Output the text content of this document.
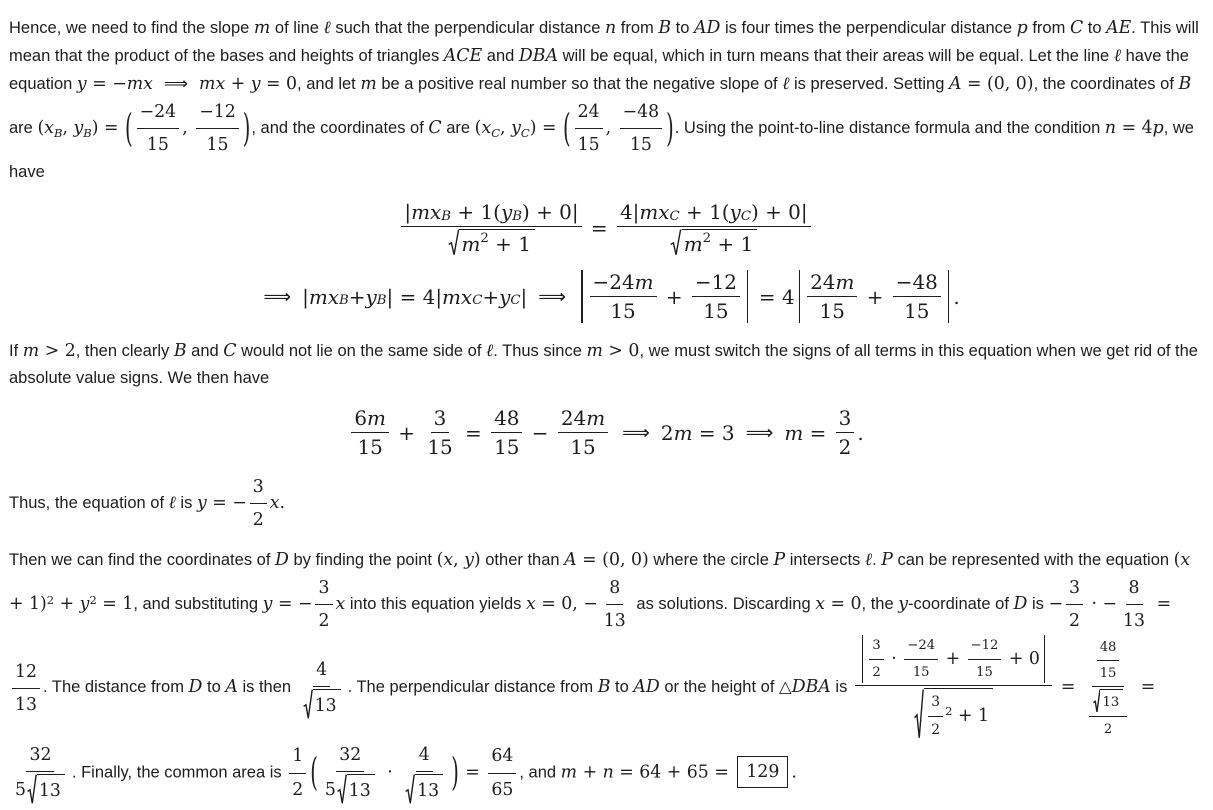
Hence, we need to find the slope m of line ℓ such that the perpendicular distance n from B to AD is four times the perpendicular distance p from C to AE. This will mean that the product of the bases and heights of triangles ACE and DBA will be equal, which in turn means that their areas will be equal. Let the line ℓ have the equation y = −mx ⟹ mx + y = 0, and let m be a positive real number so that the negative slope of ℓ is preserved. Setting A = (0, 0), the coordinates of B are ($x_B$, $y_B$) = ( $\frac{-24}{15}$ , $\frac{-12}{15}$ ), and the coordinates of C are ($x_C$, $y_C$) = ( $\frac{24}{15}$ , $\frac{-48}{15}$ ). Using the point-to-line distance formula and the condition n = 4p, we have
$\frac{\text{| mx B + 1( y B ) + 0|}}{m 2 + 1} = \frac{\text{4| mx C + 1( y C ) + 0|}}{m 2 + 1}$
⟹ | mx B + y B | = 4| mx C + y C | ⟹	$\frac{-24 m}{15} + \frac{-12}{15} = 4 \frac{24 m}{15} + \frac{-48}{15}$ .
If m > 2, then clearly B and C would not lie on the same side of ℓ. Thus since m > 0, we must switch the signs of all terms in this equation when we get rid of the absolute value signs. We then have
$\frac{6 m}{15} + \frac{3}{15} = \frac{48}{15} - \frac{24 m}{15}$ ⟹ 2 m = 3 ⟹ $m = \frac{3}{2}$ .
Thus, the equation of ℓ is y = − $\frac{3}{2} x$.
Then we can find the coordinates of D by finding the point (x, y) other than A = (0, 0) where the circle P intersects ℓ. P can be represented with the equation $(x + 1)^2 + y^2 = 1$, and substituting y = − $\frac{3}{2}$ x into this equation yields x = 0, − $\frac{8}{13}$ as solutions. Discarding x = 0, the y-coordinate of D is − $\frac{3}{2}$ · − $\frac{8}{13}$ =
$\frac{12}{13}$ . The distance from D to A is then $\frac{4}{13}$ . The perpendicular distance from B to AD or the height of △DBA is $\frac{\frac{3}{2} \cdot \frac{-24}{15} + \frac{-12}{15} + 0}{\frac{3}{2} 2 + 1} = \frac{\frac{48}{15}}{\frac{13}{2}}$ =
$\frac{32}{5 13}$ . Finally, the common area is $\frac{1}{2}$ ( $\frac{32}{5 13} \cdot \frac{4}{13}$ ) = $\frac{64}{65}$ , and m + n = 64 + 65 = 129 .
